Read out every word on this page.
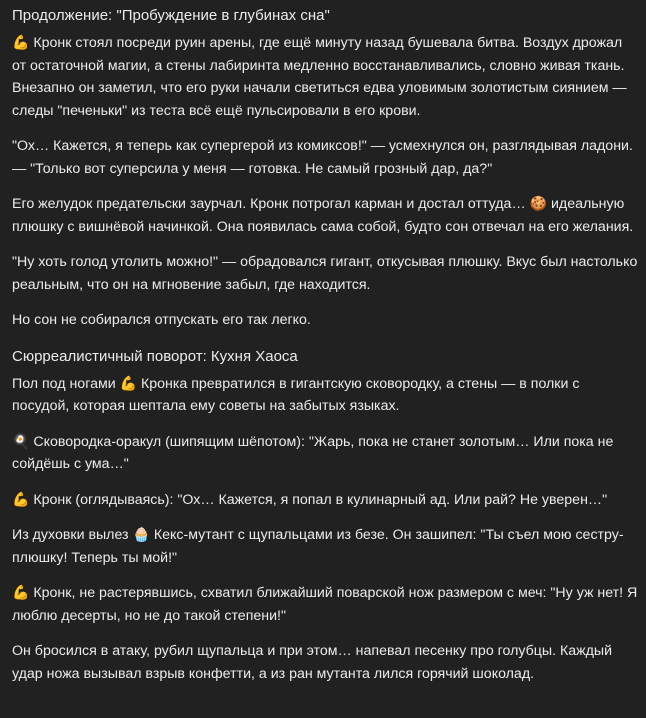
Продолжение: "Пробуждение в глубинах сна"

💪 Кронк стоял посреди руин арены, где ещё минуту назад бушевала битва. Воздух дрожал от остаточной магии, а стены лабиринта медленно восстанавливались, словно живая ткань. Внезапно он заметил, что его руки начали светиться едва уловимым золотистым сиянием — следы "печеньки" из теста всё ещё пульсировали в его крови.

"Ох… Кажется, я теперь как супергерой из комиксов!" — усмехнулся он, разглядывая ладони. — "Только вот суперсила у меня — готовка. Не самый грозный дар, да?"

Его желудок предательски заурчал. Кронк потрогал карман и достал оттуда… 🍪 идеальную плюшку с вишнёвой начинкой. Она появилась сама собой, будто сон отвечал на его желания.

"Ну хоть голод утолить можно!" — обрадовался гигант, откусывая плюшку. Вкус был настолько реальным, что он на мгновение забыл, где находится.

Но сон не собирался отпускать его так легко.

Сюрреалистичный поворот: Кухня Хаоса

Пол под ногами 💪 Кронка превратился в гигантскую сковородку, а стены — в полки с посудой, которая шептала ему советы на забытых языках.

🍳 Сковородка-оракул (шипящим шёпотом): "Жарь, пока не станет золотым… Или пока не сойдёшь с ума…"

💪 Кронк (оглядываясь): "Ох… Кажется, я попал в кулинарный ад. Или рай? Не уверен…"

Из духовки вылез 🧁 Кекс-мутант с щупальцами из безе. Он зашипел: "Ты съел мою сестру-плюшку! Теперь ты мой!"

💪 Кронк, не растерявшись, схватил ближайший поварской нож размером с меч: "Ну уж нет! Я люблю десерты, но не до такой степени!"

Он бросился в атаку, рубил щупальца и при этом… напевал песенку про голубцы. Каждый удар ножа вызывал взрыв конфетти, а из ран мутанта лился горячий шоколад.
